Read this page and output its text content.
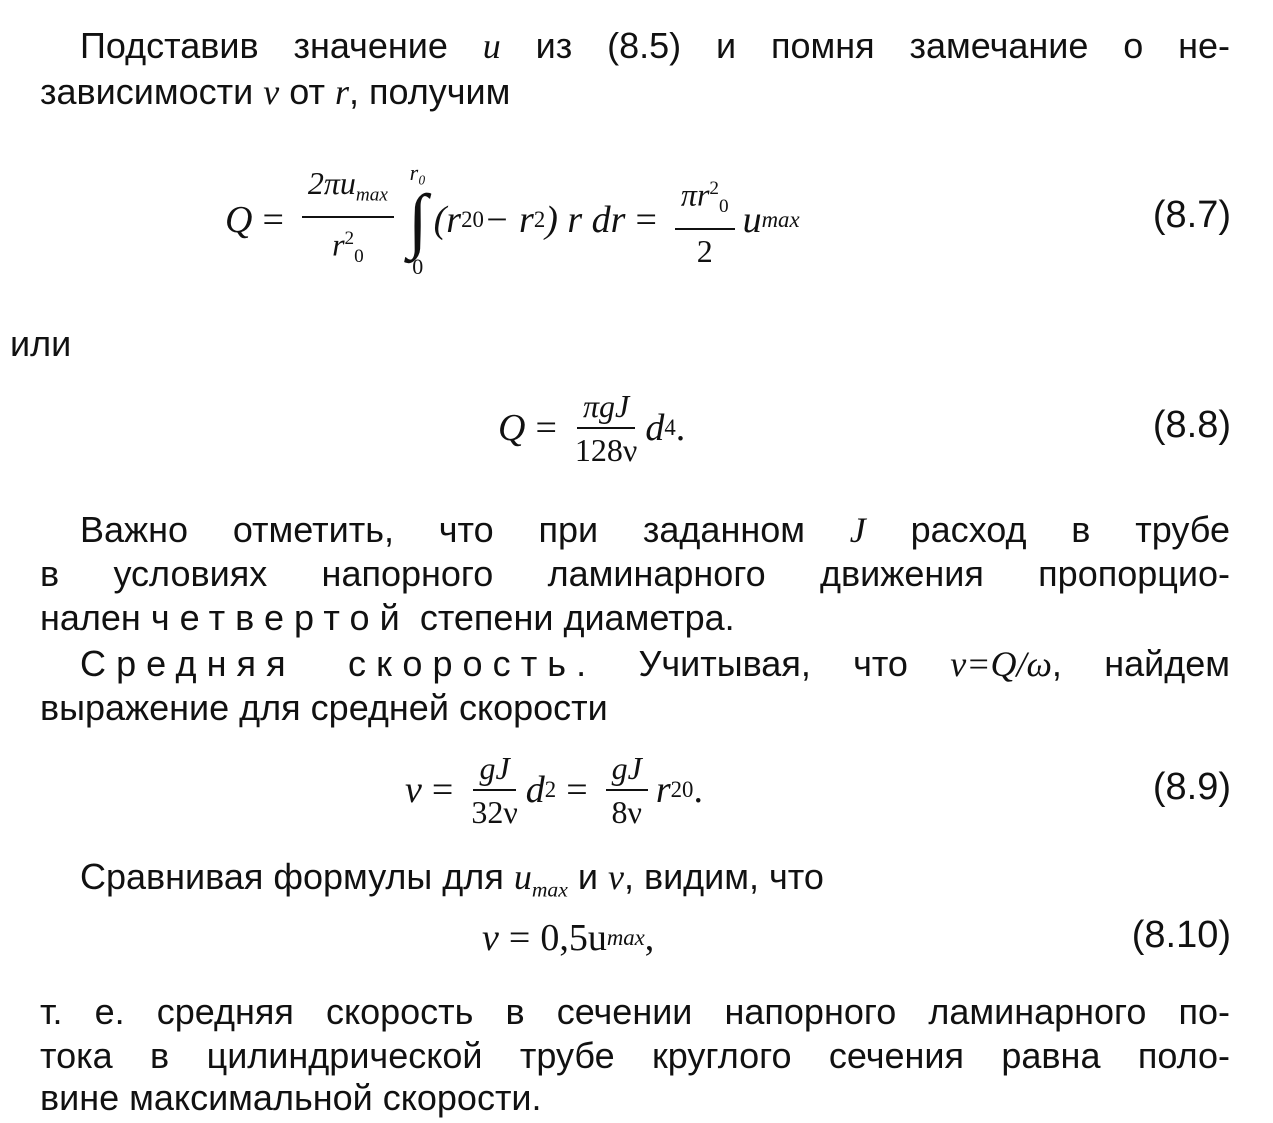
Подставив значение u из (8.5) и помня замечание о не-
зависимости v от r, получим
$Q = \frac{2\pi u_{max}}{r^2_0} r_0$
∫
0
(r 2 0 − r 2 ) r dr = $\frac{\pi r^2_0}{2}$ u max	(8.7)
или
$Q = \frac{\text{πgJ}}{128\nu}$ d 4 .	(8.8)
Важно отметить, что при заданном J расход в трубе
в условиях напорного ламинарного движения пропорцио-
нален четвертой степени диаметра.
Средняя скорость. Учитывая, что v=Q/ω, найдем
выражение для средней скорости
$v = \frac{gJ}{32\nu}$ d $2 = \frac{gJ}{8\nu}$ r 2 0 .	(8.9)
Сравнивая формулы для $u_{max}$ и v, видим, что
v = 0,5u max ,	(8.10)
т. е. средняя скорость в сечении напорного ламинарного по-
тока в цилиндрической трубе круглого сечения равна поло-
вине максимальной скорости.
